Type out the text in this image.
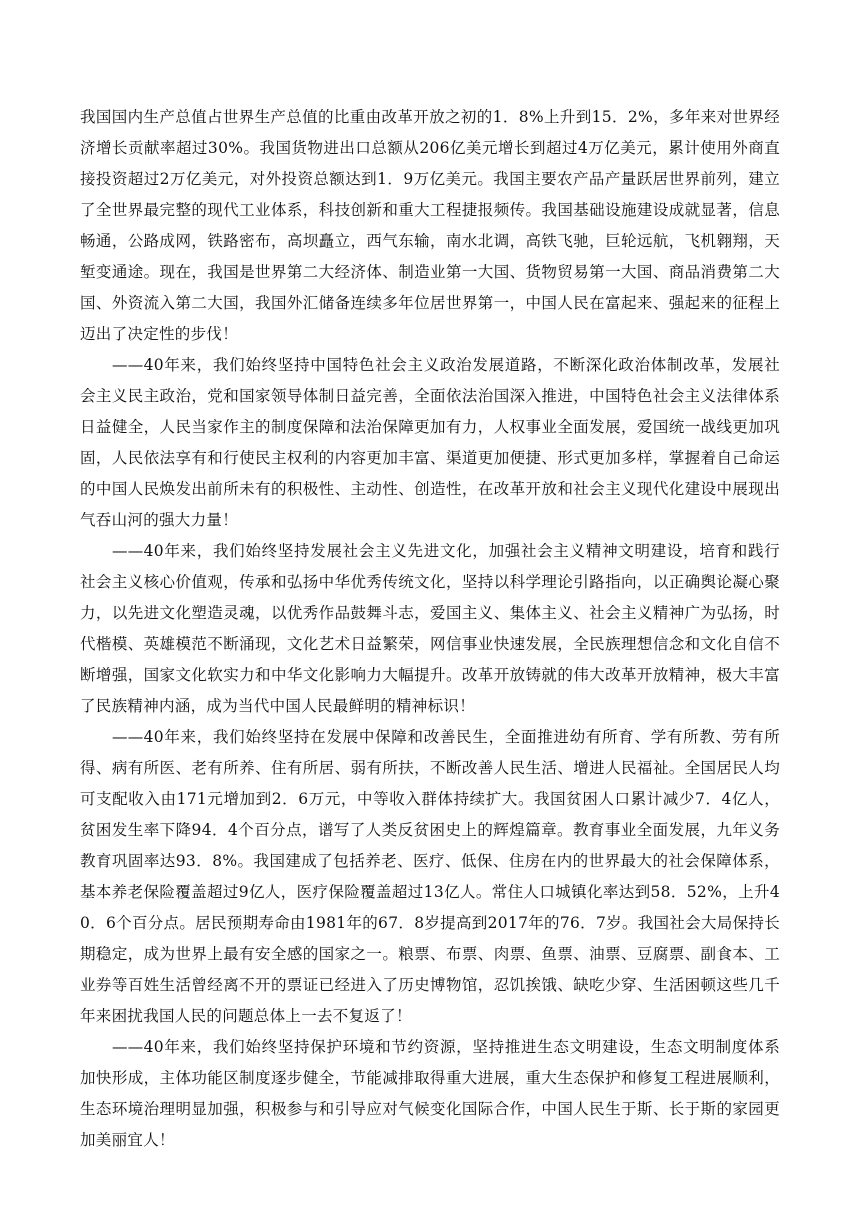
我国国内生产总值占世界生产总值的比重由改革开放之初的1．8%上升到15．2%，多年来对世界经济增长贡献率超过30%。我国货物进出口总额从206亿美元增长到超过4万亿美元，累计使用外商直接投资超过2万亿美元，对外投资总额达到1．9万亿美元。我国主要农产品产量跃居世界前列，建立了全世界最完整的现代工业体系，科技创新和重大工程捷报频传。我国基础设施建设成就显著，信息畅通，公路成网，铁路密布，高坝矗立，西气东输，南水北调，高铁飞驰，巨轮远航，飞机翱翔，天堑变通途。现在，我国是世界第二大经济体、制造业第一大国、货物贸易第一大国、商品消费第二大国、外资流入第二大国，我国外汇储备连续多年位居世界第一，中国人民在富起来、强起来的征程上迈出了决定性的步伐！

——40年来，我们始终坚持中国特色社会主义政治发展道路，不断深化政治体制改革，发展社会主义民主政治，党和国家领导体制日益完善，全面依法治国深入推进，中国特色社会主义法律体系日益健全，人民当家作主的制度保障和法治保障更加有力，人权事业全面发展，爱国统一战线更加巩固，人民依法享有和行使民主权利的内容更加丰富、渠道更加便捷、形式更加多样，掌握着自己命运的中国人民焕发出前所未有的积极性、主动性、创造性，在改革开放和社会主义现代化建设中展现出气吞山河的强大力量！

——40年来，我们始终坚持发展社会主义先进文化，加强社会主义精神文明建设，培育和践行社会主义核心价值观，传承和弘扬中华优秀传统文化，坚持以科学理论引路指向，以正确舆论凝心聚力，以先进文化塑造灵魂，以优秀作品鼓舞斗志，爱国主义、集体主义、社会主义精神广为弘扬，时代楷模、英雄模范不断涌现，文化艺术日益繁荣，网信事业快速发展，全民族理想信念和文化自信不断增强，国家文化软实力和中华文化影响力大幅提升。改革开放铸就的伟大改革开放精神，极大丰富了民族精神内涵，成为当代中国人民最鲜明的精神标识！

——40年来，我们始终坚持在发展中保障和改善民生，全面推进幼有所育、学有所教、劳有所得、病有所医、老有所养、住有所居、弱有所扶，不断改善人民生活、增进人民福祉。全国居民人均可支配收入由171元增加到2．6万元，中等收入群体持续扩大。我国贫困人口累计减少7．4亿人，贫困发生率下降94．4个百分点，谱写了人类反贫困史上的辉煌篇章。教育事业全面发展，九年义务教育巩固率达93．8%。我国建成了包括养老、医疗、低保、住房在内的世界最大的社会保障体系，基本养老保险覆盖超过9亿人，医疗保险覆盖超过13亿人。常住人口城镇化率达到58．52%，上升40．6个百分点。居民预期寿命由1981年的67．8岁提高到2017年的76．7岁。我国社会大局保持长期稳定，成为世界上最有安全感的国家之一。粮票、布票、肉票、鱼票、油票、豆腐票、副食本、工业券等百姓生活曾经离不开的票证已经进入了历史博物馆，忍饥挨饿、缺吃少穿、生活困顿这些几千年来困扰我国人民的问题总体上一去不复返了！

——40年来，我们始终坚持保护环境和节约资源，坚持推进生态文明建设，生态文明制度体系加快形成，主体功能区制度逐步健全，节能减排取得重大进展，重大生态保护和修复工程进展顺利，生态环境治理明显加强，积极参与和引导应对气候变化国际合作，中国人民生于斯、长于斯的家园更加美丽宜人！
